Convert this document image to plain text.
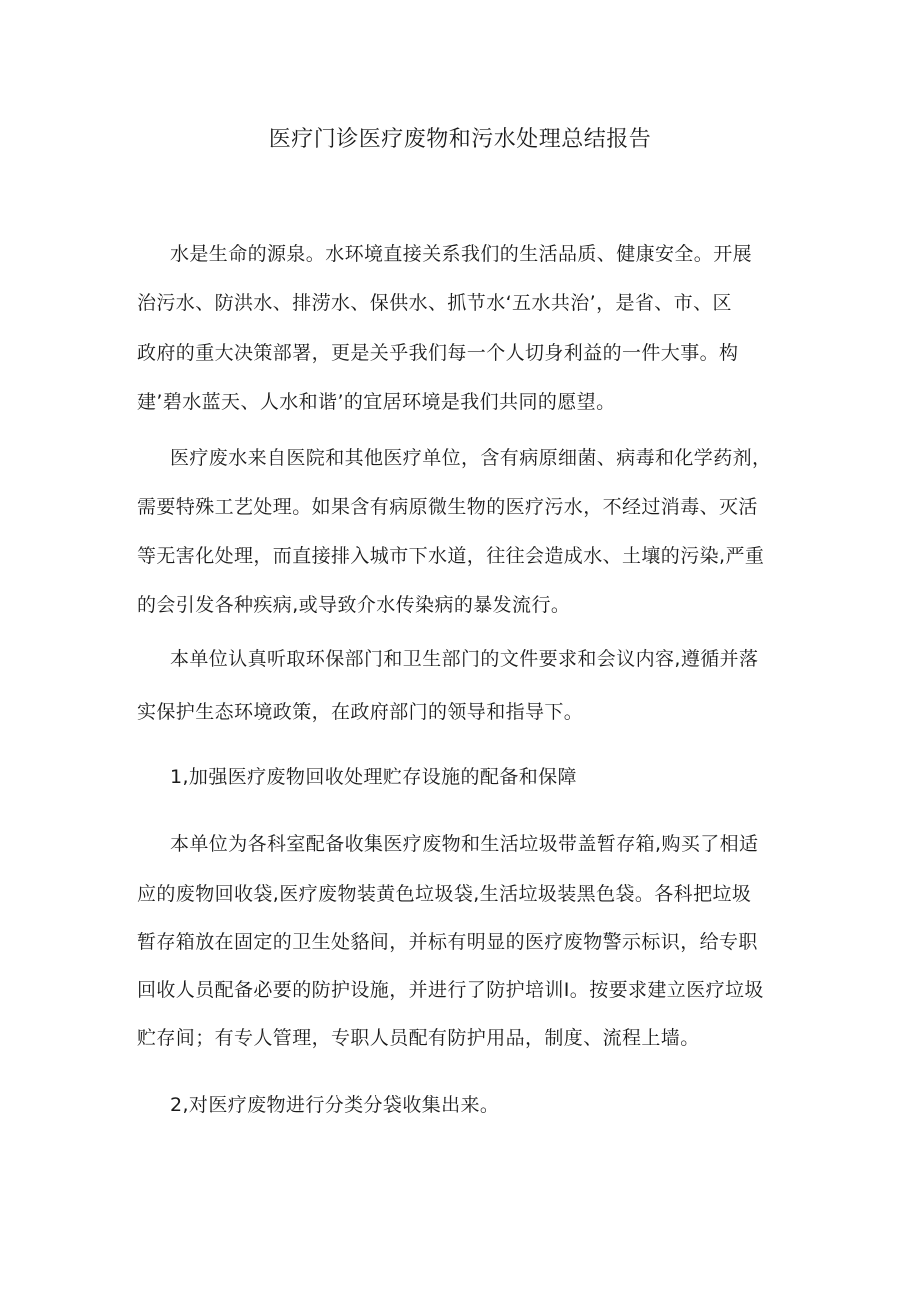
医疗门诊医疗废物和污水处理总结报告
水是生命的源泉。水环境直接关系我们的生活品质、健康安全。开展
治污水、防洪水、排涝水、保供水、抓节水‘五水共治’，是省、市、区
政府的重大决策部署，更是关乎我们每一个人切身利益的一件大事。构
建’碧水蓝天、人水和谐’的宜居环境是我们共同的愿望。
医疗废水来自医院和其他医疗单位，含有病原细菌、病毒和化学药剂，
需要特殊工艺处理。如果含有病原微生物的医疗污水，不经过消毒、灭活
等无害化处理，而直接排入城市下水道，往往会造成水、土壤的污染,严重
的会引发各种疾病,或导致介水传染病的暴发流行。
本单位认真听取环保部门和卫生部门的文件要求和会议内容,遵循并落
实保护生态环境政策，在政府部门的领导和指导下。
1,加强医疗废物回收处理贮存设施的配备和保障
本单位为各科室配备收集医疗废物和生活垃圾带盖暂存箱,购买了相适
应的废物回收袋,医疗废物装黄色垃圾袋,生活垃圾装黑色袋。各科把垃圾
暂存箱放在固定的卫生处貉间，并标有明显的医疗废物警示标识，给专职
回收人员配备必要的防护设施，并进行了防护培训I。按要求建立医疗垃圾
贮存间；有专人管理，专职人员配有防护用品，制度、流程上墙。
2,对医疗废物进行分类分袋收集出来。
